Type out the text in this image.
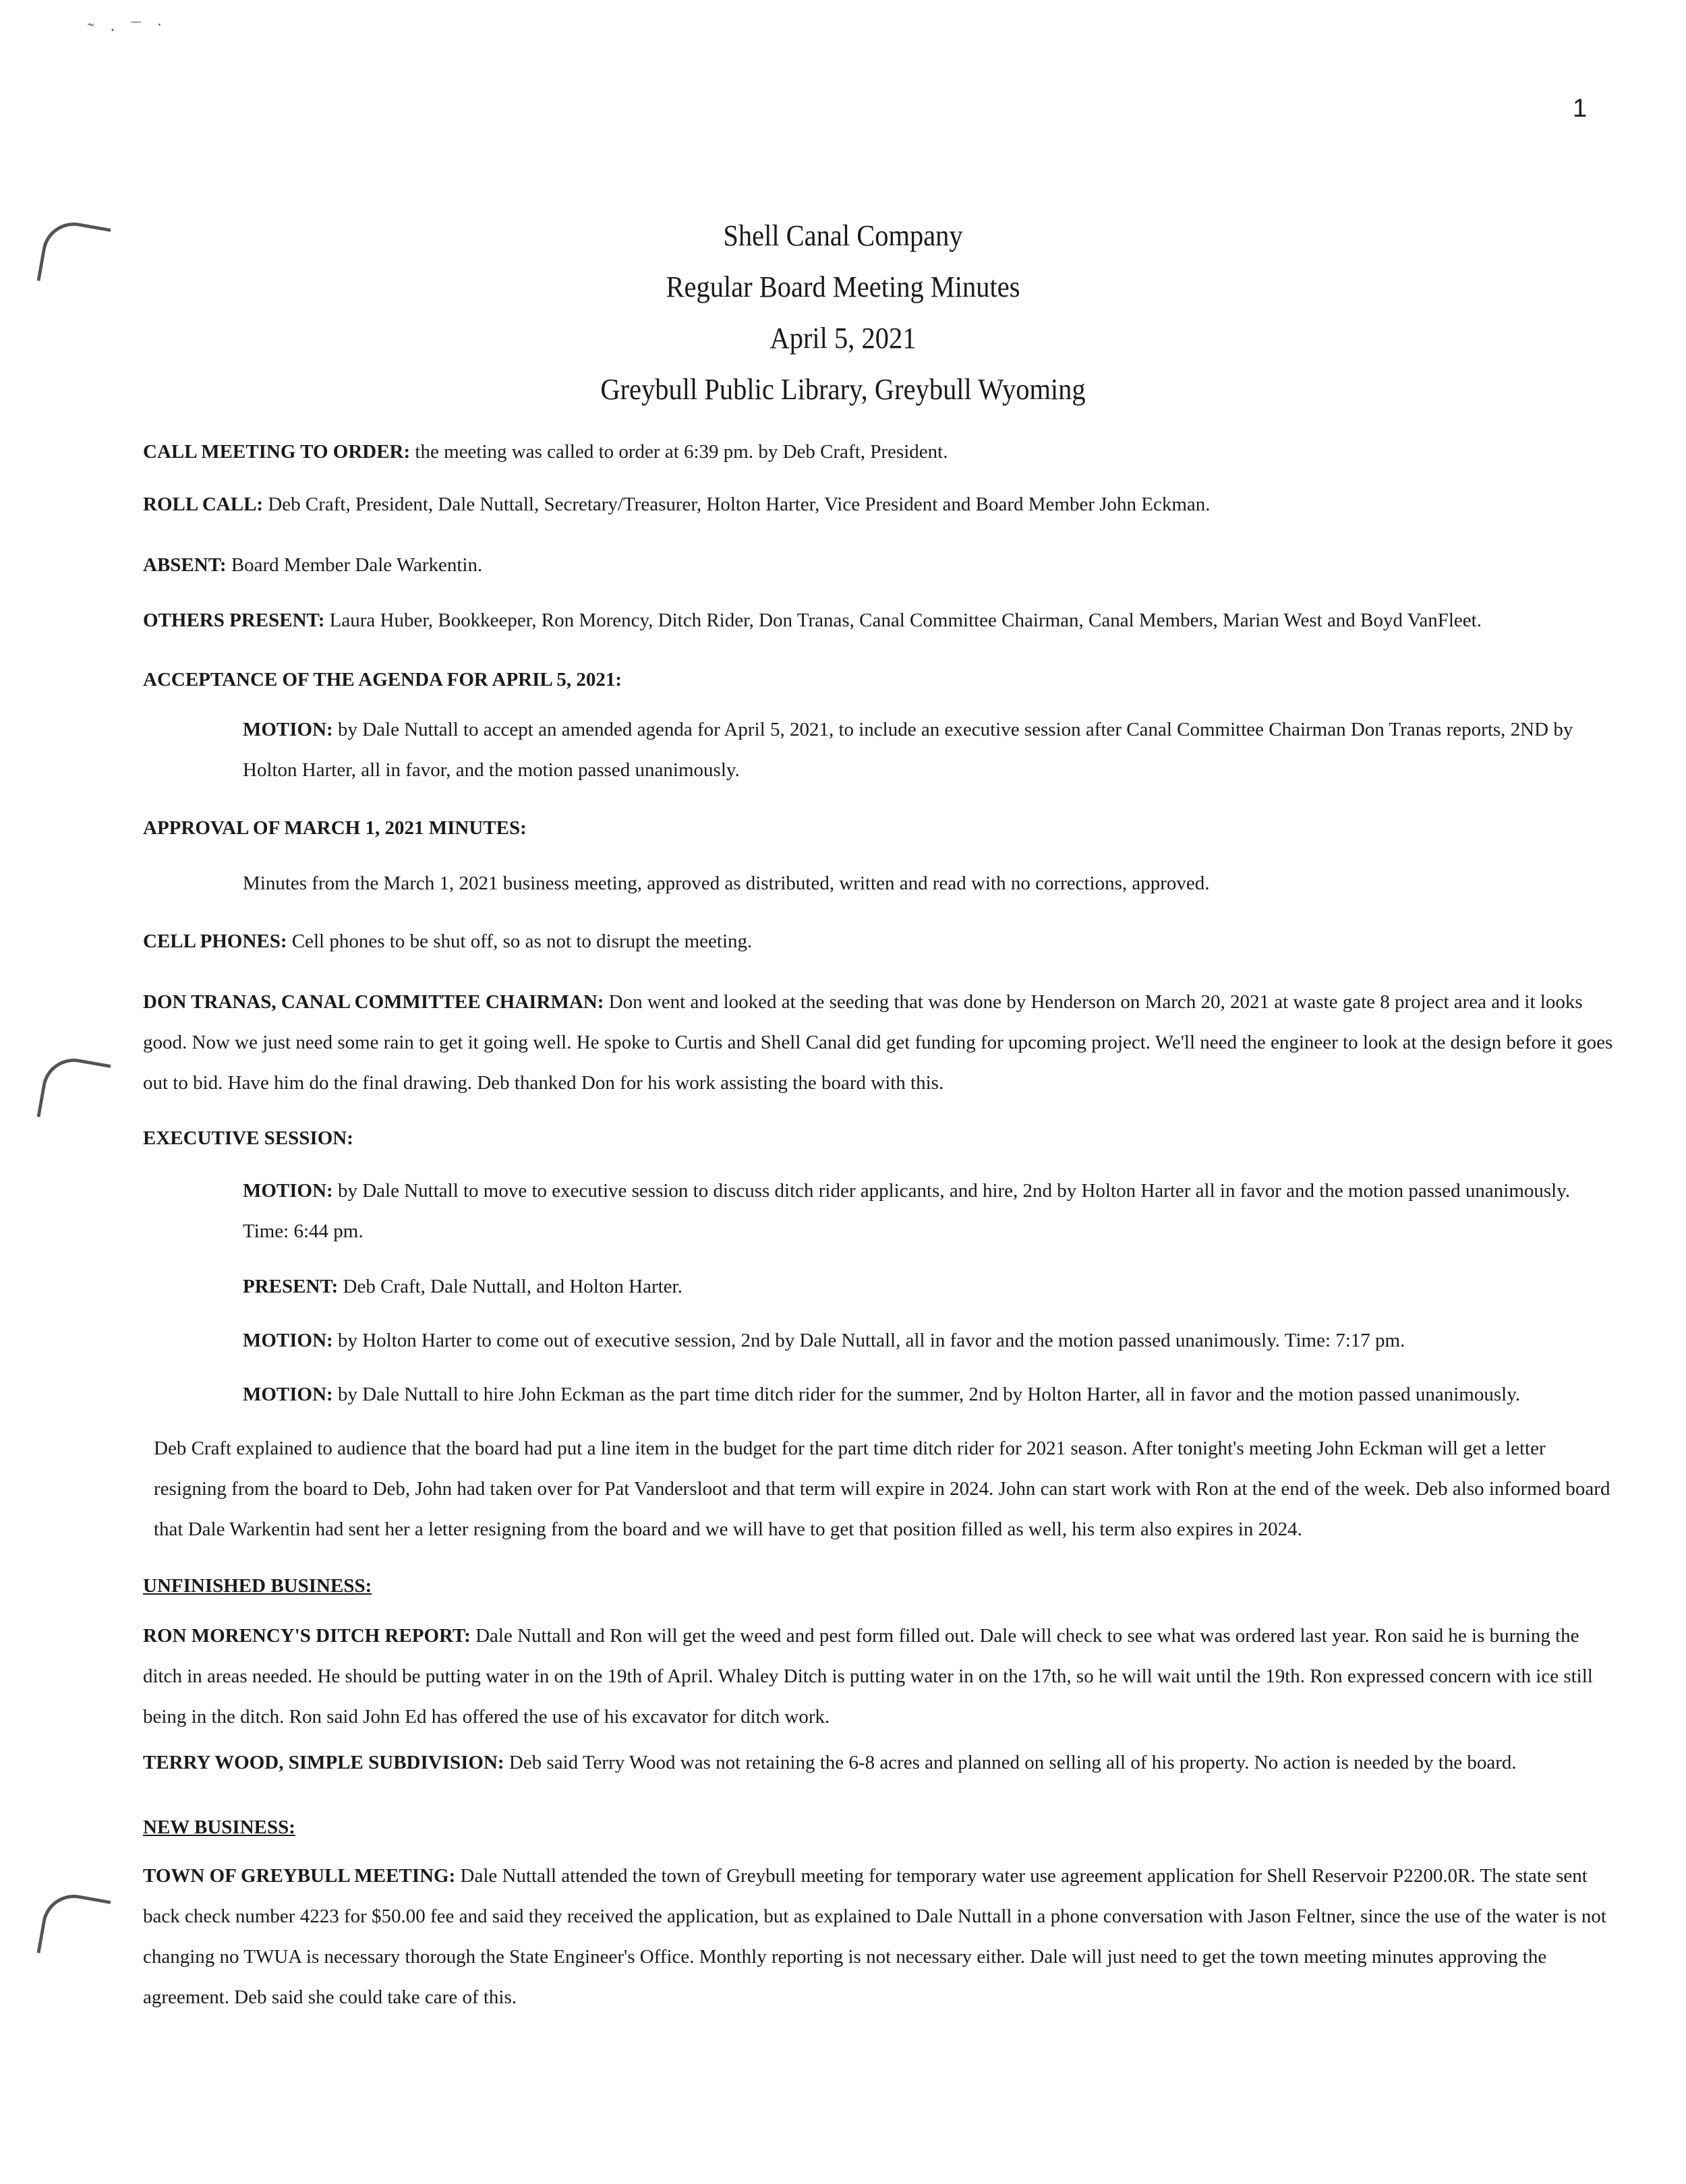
˜ · ¯ ˙
1
Shell Canal Company
Regular Board Meeting Minutes
April 5, 2021
Greybull Public Library, Greybull Wyoming
CALL MEETING TO ORDER: the meeting was called to order at 6:39 pm. by Deb Craft, President.
ROLL CALL: Deb Craft, President, Dale Nuttall, Secretary/Treasurer, Holton Harter, Vice President and Board Member John Eckman.
ABSENT: Board Member Dale Warkentin.
OTHERS PRESENT: Laura Huber, Bookkeeper, Ron Morency, Ditch Rider, Don Tranas, Canal Committee Chairman, Canal Members, Marian West and Boyd VanFleet.
ACCEPTANCE OF THE AGENDA FOR APRIL 5, 2021:
MOTION: by Dale Nuttall to accept an amended agenda for April 5, 2021, to include an executive session after Canal Committee Chairman Don Tranas reports, 2ND by Holton Harter, all in favor, and the motion passed unanimously.
APPROVAL OF MARCH 1, 2021 MINUTES:
Minutes from the March 1, 2021 business meeting, approved as distributed, written and read with no corrections, approved.
CELL PHONES: Cell phones to be shut off, so as not to disrupt the meeting.
DON TRANAS, CANAL COMMITTEE CHAIRMAN: Don went and looked at the seeding that was done by Henderson on March 20, 2021 at waste gate 8 project area and it looks good. Now we just need some rain to get it going well. He spoke to Curtis and Shell Canal did get funding for upcoming project. We'll need the engineer to look at the design before it goes out to bid. Have him do the final drawing. Deb thanked Don for his work assisting the board with this.
EXECUTIVE SESSION:
MOTION: by Dale Nuttall to move to executive session to discuss ditch rider applicants, and hire, 2nd by Holton Harter all in favor and the motion passed unanimously. Time: 6:44 pm.
PRESENT: Deb Craft, Dale Nuttall, and Holton Harter.
MOTION: by Holton Harter to come out of executive session, 2nd by Dale Nuttall, all in favor and the motion passed unanimously. Time: 7:17 pm.
MOTION: by Dale Nuttall to hire John Eckman as the part time ditch rider for the summer, 2nd by Holton Harter, all in favor and the motion passed unanimously.
Deb Craft explained to audience that the board had put a line item in the budget for the part time ditch rider for 2021 season. After tonight's meeting John Eckman will get a letter resigning from the board to Deb, John had taken over for Pat Vandersloot and that term will expire in 2024. John can start work with Ron at the end of the week. Deb also informed board that Dale Warkentin had sent her a letter resigning from the board and we will have to get that position filled as well, his term also expires in 2024.
UNFINISHED BUSINESS:
RON MORENCY'S DITCH REPORT: Dale Nuttall and Ron will get the weed and pest form filled out. Dale will check to see what was ordered last year. Ron said he is burning the ditch in areas needed. He should be putting water in on the 19th of April. Whaley Ditch is putting water in on the 17th, so he will wait until the 19th. Ron expressed concern with ice still being in the ditch. Ron said John Ed has offered the use of his excavator for ditch work.
TERRY WOOD, SIMPLE SUBDIVISION: Deb said Terry Wood was not retaining the 6-8 acres and planned on selling all of his property. No action is needed by the board.
NEW BUSINESS:
TOWN OF GREYBULL MEETING: Dale Nuttall attended the town of Greybull meeting for temporary water use agreement application for Shell Reservoir P2200.0R. The state sent back check number 4223 for $50.00 fee and said they received the application, but as explained to Dale Nuttall in a phone conversation with Jason Feltner, since the use of the water is not changing no TWUA is necessary thorough the State Engineer's Office. Monthly reporting is not necessary either. Dale will just need to get the town meeting minutes approving the agreement. Deb said she could take care of this.
